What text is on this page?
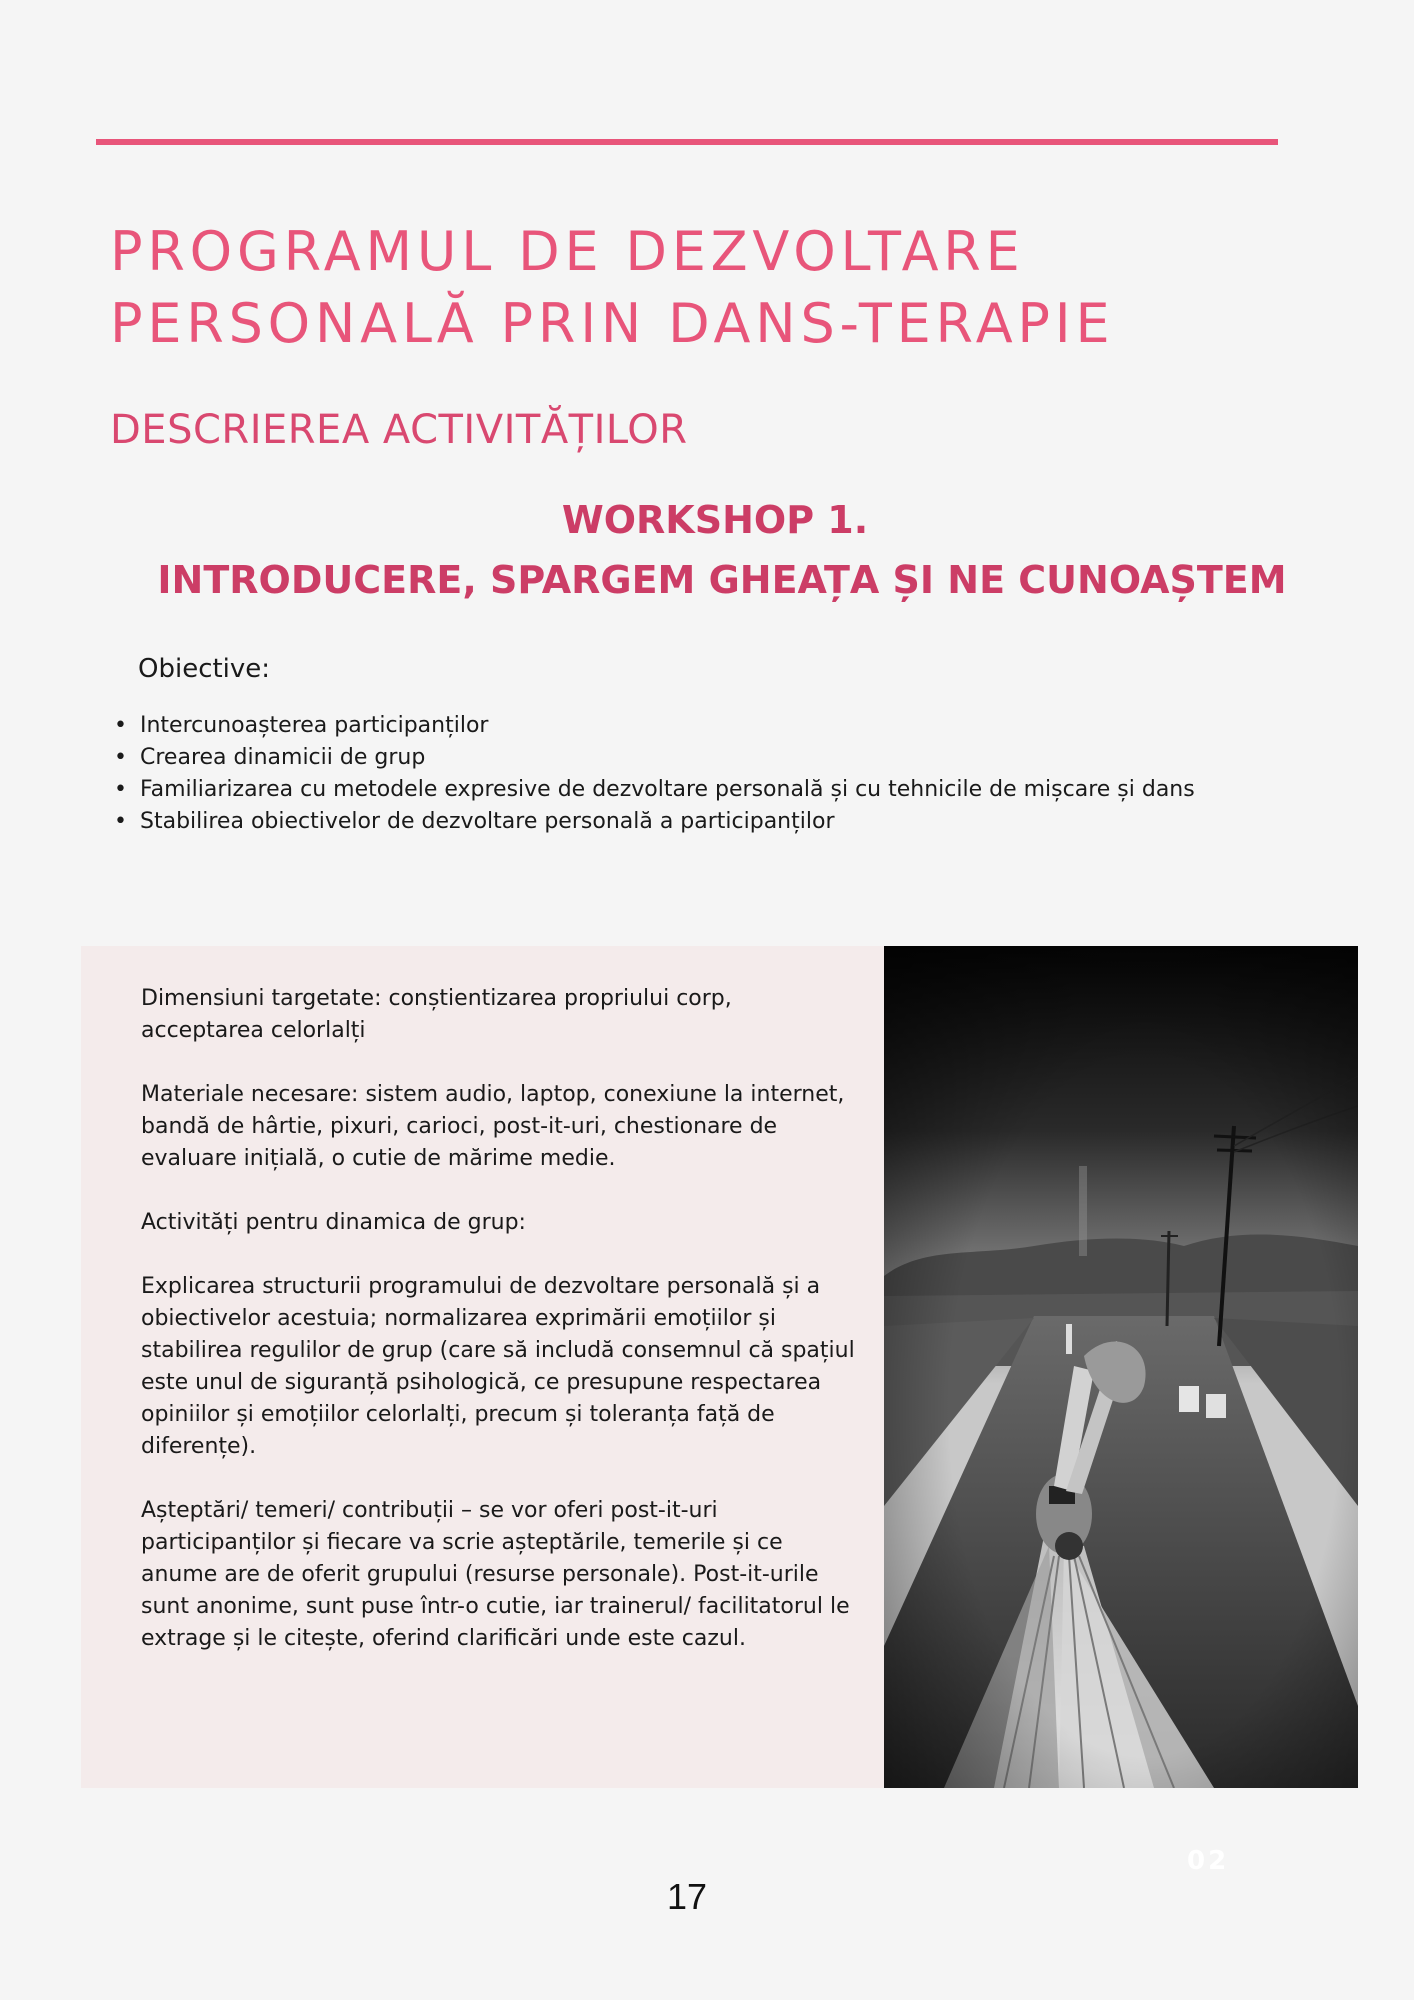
PROGRAMUL DE DEZVOLTARE
PERSONALĂ PRIN DANS-TERAPIE
DESCRIEREA ACTIVITĂȚILOR
WORKSHOP 1.
INTRODUCERE, SPARGEM GHEAȚA ȘI NE CUNOAȘTEM
Obiective:
• Intercunoașterea participanților
• Crearea dinamicii de grup
• Familiarizarea cu metodele expresive de dezvoltare personală și cu tehnicile de mișcare și dans
• Stabilirea obiectivelor de dezvoltare personală a participanților

Dimensiuni targetate: conștientizarea propriului corp, acceptarea celorlalți

Materiale necesare: sistem audio, laptop, conexiune la internet, bandă de hârtie, pixuri, carioci, post-it-uri, chestionare de evaluare inițială, o cutie de mărime medie.

Activități pentru dinamica de grup:

Explicarea structurii programului de dezvoltare personală și a obiectivelor acestuia; normalizarea exprimării emoțiilor și stabilirea regulilor de grup (care să includă consemnul că spațiul este unul de siguranță psihologică, ce presupune respectarea opiniilor și emoțiilor celorlalți, precum și toleranța față de diferențe).

Așteptări/ temeri/ contribuții – se vor oferi post-it-uri participanților și fiecare va scrie așteptările, temerile și ce anume are de oferit grupului (resurse personale). Post-it-urile sunt anonime, sunt puse într-o cutie, iar trainerul/ facilitatorul le extrage și le citește, oferind clarificări unde este cazul.

02
17
